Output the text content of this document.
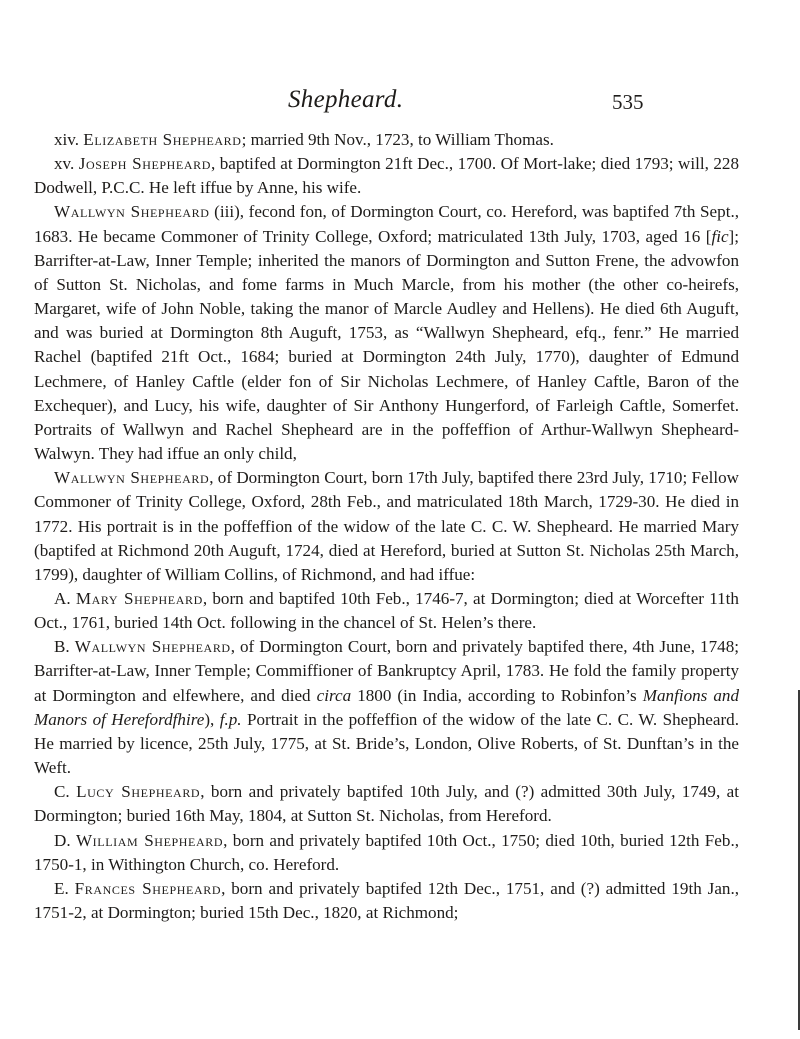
Shepheard.	535

xiv. Elizabeth Shepheard; married 9th Nov., 1723, to William Thomas.

xv. Joseph Shepheard, baptifed at Dormington 21ft Dec., 1700. Of Mort-lake; died 1793; will, 228 Dodwell, P.C.C. He left iffue by Anne, his wife.

Wallwyn Shepheard (iii), fecond fon, of Dormington Court, co. Hereford, was baptifed 7th Sept., 1683. He became Commoner of Trinity College, Oxford; matriculated 13th July, 1703, aged 16 [fic]; Barrifter-at-Law, Inner Temple; inherited the manors of Dormington and Sutton Frene, the advowfon of Sutton St. Nicholas, and fome farms in Much Marcle, from his mother (the other co-heirefs, Margaret, wife of John Noble, taking the manor of Marcle Audley and Hellens). He died 6th Auguft, and was buried at Dormington 8th Auguft, 1753, as “Wallwyn Shepheard, efq., fenr.” He married Rachel (baptifed 21ft Oct., 1684; buried at Dormington 24th July, 1770), daughter of Edmund Lechmere, of Hanley Caftle (elder fon of Sir Nicholas Lechmere, of Hanley Caftle, Baron of the Exchequer), and Lucy, his wife, daughter of Sir Anthony Hungerford, of Farleigh Caftle, Somerfet. Portraits of Wallwyn and Rachel Shepheard are in the poffeffion of Arthur-Wallwyn Shepheard-Walwyn. They had iffue an only child,

Wallwyn Shepheard, of Dormington Court, born 17th July, baptifed there 23rd July, 1710; Fellow Commoner of Trinity College, Oxford, 28th Feb., and matriculated 18th March, 1729-30. He died in 1772. His portrait is in the poffeffion of the widow of the late C. C. W. Shepheard. He married Mary (baptifed at Richmond 20th Auguft, 1724, died at Hereford, buried at Sutton St. Nicholas 25th March, 1799), daughter of William Collins, of Richmond, and had iffue:

A. Mary Shepheard, born and baptifed 10th Feb., 1746-7, at Dormington; died at Worcefter 11th Oct., 1761, buried 14th Oct. following in the chancel of St. Helen’s there.

B. Wallwyn Shepheard, of Dormington Court, born and privately baptifed there, 4th June, 1748; Barrifter-at-Law, Inner Temple; Commiffioner of Bankruptcy April, 1783. He fold the family property at Dormington and elfewhere, and died circa 1800 (in India, according to Robinfon’s Manfions and Manors of Herefordfhire), f.p. Portrait in the poffeffion of the widow of the late C. C. W. Shepheard. He married by licence, 25th July, 1775, at St. Bride’s, London, Olive Roberts, of St. Dunftan’s in the Weft.

C. Lucy Shepheard, born and privately baptifed 10th July, and (?) admitted 30th July, 1749, at Dormington; buried 16th May, 1804, at Sutton St. Nicholas, from Hereford.

D. William Shepheard, born and privately baptifed 10th Oct., 1750; died 10th, buried 12th Feb., 1750-1, in Withington Church, co. Hereford.

E. Frances Shepheard, born and privately baptifed 12th Dec., 1751, and (?) admitted 19th Jan., 1751-2, at Dormington; buried 15th Dec., 1820, at Richmond;
